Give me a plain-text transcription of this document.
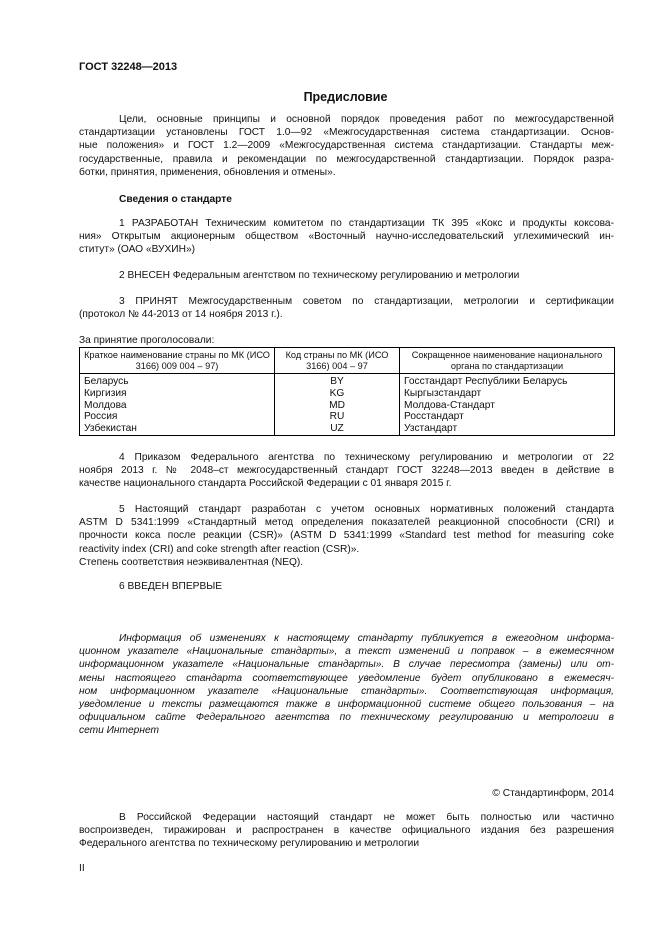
ГОСТ 32248—2013
Предисловие
Цели, основные принципы и основной порядок проведения работ по межгосударственной
стандартизации установлены ГОСТ 1.0—92 «Межгосударственная система стандартизации. Основ-
ные положения» и ГОСТ 1.2—2009 «Межгосударственная система стандартизации. Стандарты меж-
государственные, правила и рекомендации по межгосударственной стандартизации. Порядок разра-
ботки, принятия, применения, обновления и отмены».
Сведения о стандарте
1 РАЗРАБОТАН Техническим комитетом по стандартизации ТК 395 «Кокс и продукты коксова-
ния» Открытым акционерным обществом «Восточный научно-исследовательский углехимический ин-
ститут» (ОАО «ВУХИН»)
2 ВНЕСЕН Федеральным агентством по техническому регулированию и метрологии
3 ПРИНЯТ Межгосударственным советом по стандартизации, метрологии и сертификации
(протокол № 44-2013 от 14 ноября 2013 г.).
За принятие проголосовали:
Краткое наименование страны по МК (ИСО 3166) 009 004 – 97)	Код страны по МК (ИСО 3166) 004 – 97	Сокращенное наименование национального органа по стандартизации
Беларусь	BY	Госстандарт Республики Беларусь
Киргизия	KG	Кыргызстандарт
Молдова	MD	Молдова-Стандарт
Россия	RU	Росстандарт
Узбекистан	UZ	Узстандарт
4 Приказом Федерального агентства по техническому регулированию и метрологии от 22
ноября 2013 г. № 2048–ст межгосударственный стандарт ГОСТ 32248—2013 введен в действие в
качестве национального стандарта Российской Федерации с 01 января 2015 г.
5 Настоящий стандарт разработан с учетом основных нормативных положений стандарта
ASTM D 5341:1999 «Стандартный метод определения показателей реакционной способности (CRI) и
прочности кокса после реакции (CSR)» (ASTM D 5341:1999 «Standard test method for measuring coke
reactivity index (CRI) and coke strength after reaction (CSR)».
Степень соответствия неэквивалентная (NEQ).
6 ВВЕДЕН ВПЕРВЫЕ
Информация об изменениях к настоящему стандарту публикуется в ежегодном информа-
ционном указателе «Национальные стандарты», а текст изменений и поправок – в ежемесячном
информационном указателе «Национальные стандарты». В случае пересмотра (замены) или от-
мены настоящего стандарта соответствующее уведомление будет опубликовано в ежемесяч-
ном информационном указателе «Национальные стандарты». Соответствующая информация,
уведомление и тексты размещаются также в информационной системе общего пользования – на
официальном сайте Федерального агентства по техническому регулированию и метрологии в
сети Интернет
© Стандартинформ, 2014
В Российской Федерации настоящий стандарт не может быть полностью или частично
воспроизведен, тиражирован и распространен в качестве официального издания без разрешения
Федерального агентства по техническому регулированию и метрологии
II
